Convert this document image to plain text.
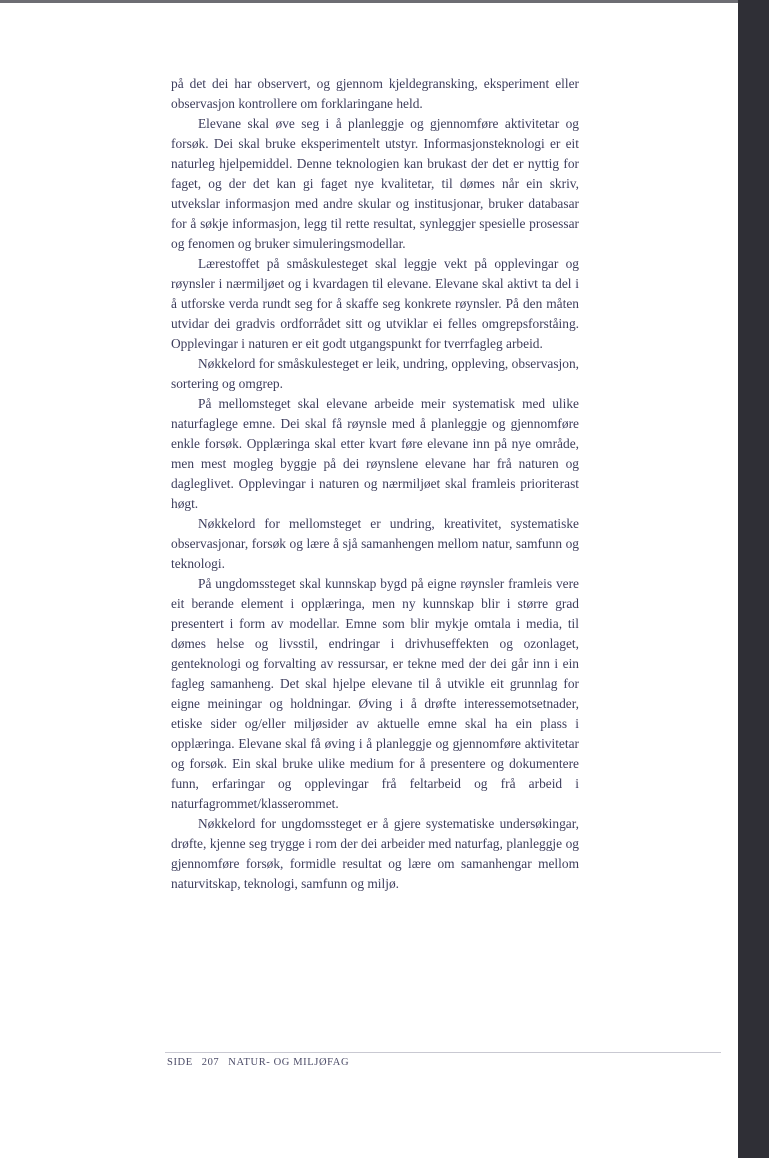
på det dei har observert, og gjennom kjeldegransking, eksperiment eller observasjon kontrollere om forklaringane held.

Elevane skal øve seg i å planleggje og gjennomføre aktivitetar og forsøk. Dei skal bruke eksperimentelt utstyr. Informasjonsteknologi er eit naturleg hjelpemiddel. Denne teknologien kan brukast der det er nyttig for faget, og der det kan gi faget nye kvalitetar, til dømes når ein skriv, utvekslar informasjon med andre skular og institusjonar, bruker databasar for å søkje informasjon, legg til rette resultat, synleggjer spesielle prosessar og fenomen og bruker simuleringsmodellar.

Lærestoffet på småskulesteget skal leggje vekt på opplevingar og røynsler i nærmiljøet og i kvardagen til elevane. Elevane skal aktivt ta del i å utforske verda rundt seg for å skaffe seg konkrete røynsler. På den måten utvidar dei gradvis ordforrådet sitt og utviklar ei felles omgrepsforståing. Opplevingar i naturen er eit godt utgangspunkt for tverrfagleg arbeid.

Nøkkelord for småskulesteget er leik, undring, oppleving, observasjon, sortering og omgrep.

På mellomsteget skal elevane arbeide meir systematisk med ulike naturfaglege emne. Dei skal få røynsle med å planleggje og gjennomføre enkle forsøk. Opplæringa skal etter kvart føre elevane inn på nye område, men mest mogleg byggje på dei røynslene elevane har frå naturen og dagleglivet. Opplevingar i naturen og nærmiljøet skal framleis prioriterast høgt.

Nøkkelord for mellomsteget er undring, kreativitet, systematiske observasjonar, forsøk og lære å sjå samanhengen mellom natur, samfunn og teknologi.

På ungdomssteget skal kunnskap bygd på eigne røynsler framleis vere eit berande element i opplæringa, men ny kunnskap blir i større grad presentert i form av modellar. Emne som blir mykje omtala i media, til dømes helse og livsstil, endringar i drivhuseffekten og ozonlaget, genteknologi og forvalting av ressursar, er tekne med der dei går inn i ein fagleg samanheng. Det skal hjelpe elevane til å utvikle eit grunnlag for eigne meiningar og holdningar. Øving i å drøfte interessemotsetnader, etiske sider og/eller miljøsider av aktuelle emne skal ha ein plass i opplæringa. Elevane skal få øving i å planleggje og gjennomføre aktivitetar og forsøk. Ein skal bruke ulike medium for å presentere og dokumentere funn, erfaringar og opplevingar frå feltarbeid og frå arbeid i naturfagrommet/klasserommet.

Nøkkelord for ungdomssteget er å gjere systematiske undersøkingar, drøfte, kjenne seg trygge i rom der dei arbeider med naturfag, planleggje og gjennomføre forsøk, formidle resultat og lære om samanhengar mellom naturvitskap, teknologi, samfunn og miljø.

SIDE 207 NATUR- OG MILJØFAG
